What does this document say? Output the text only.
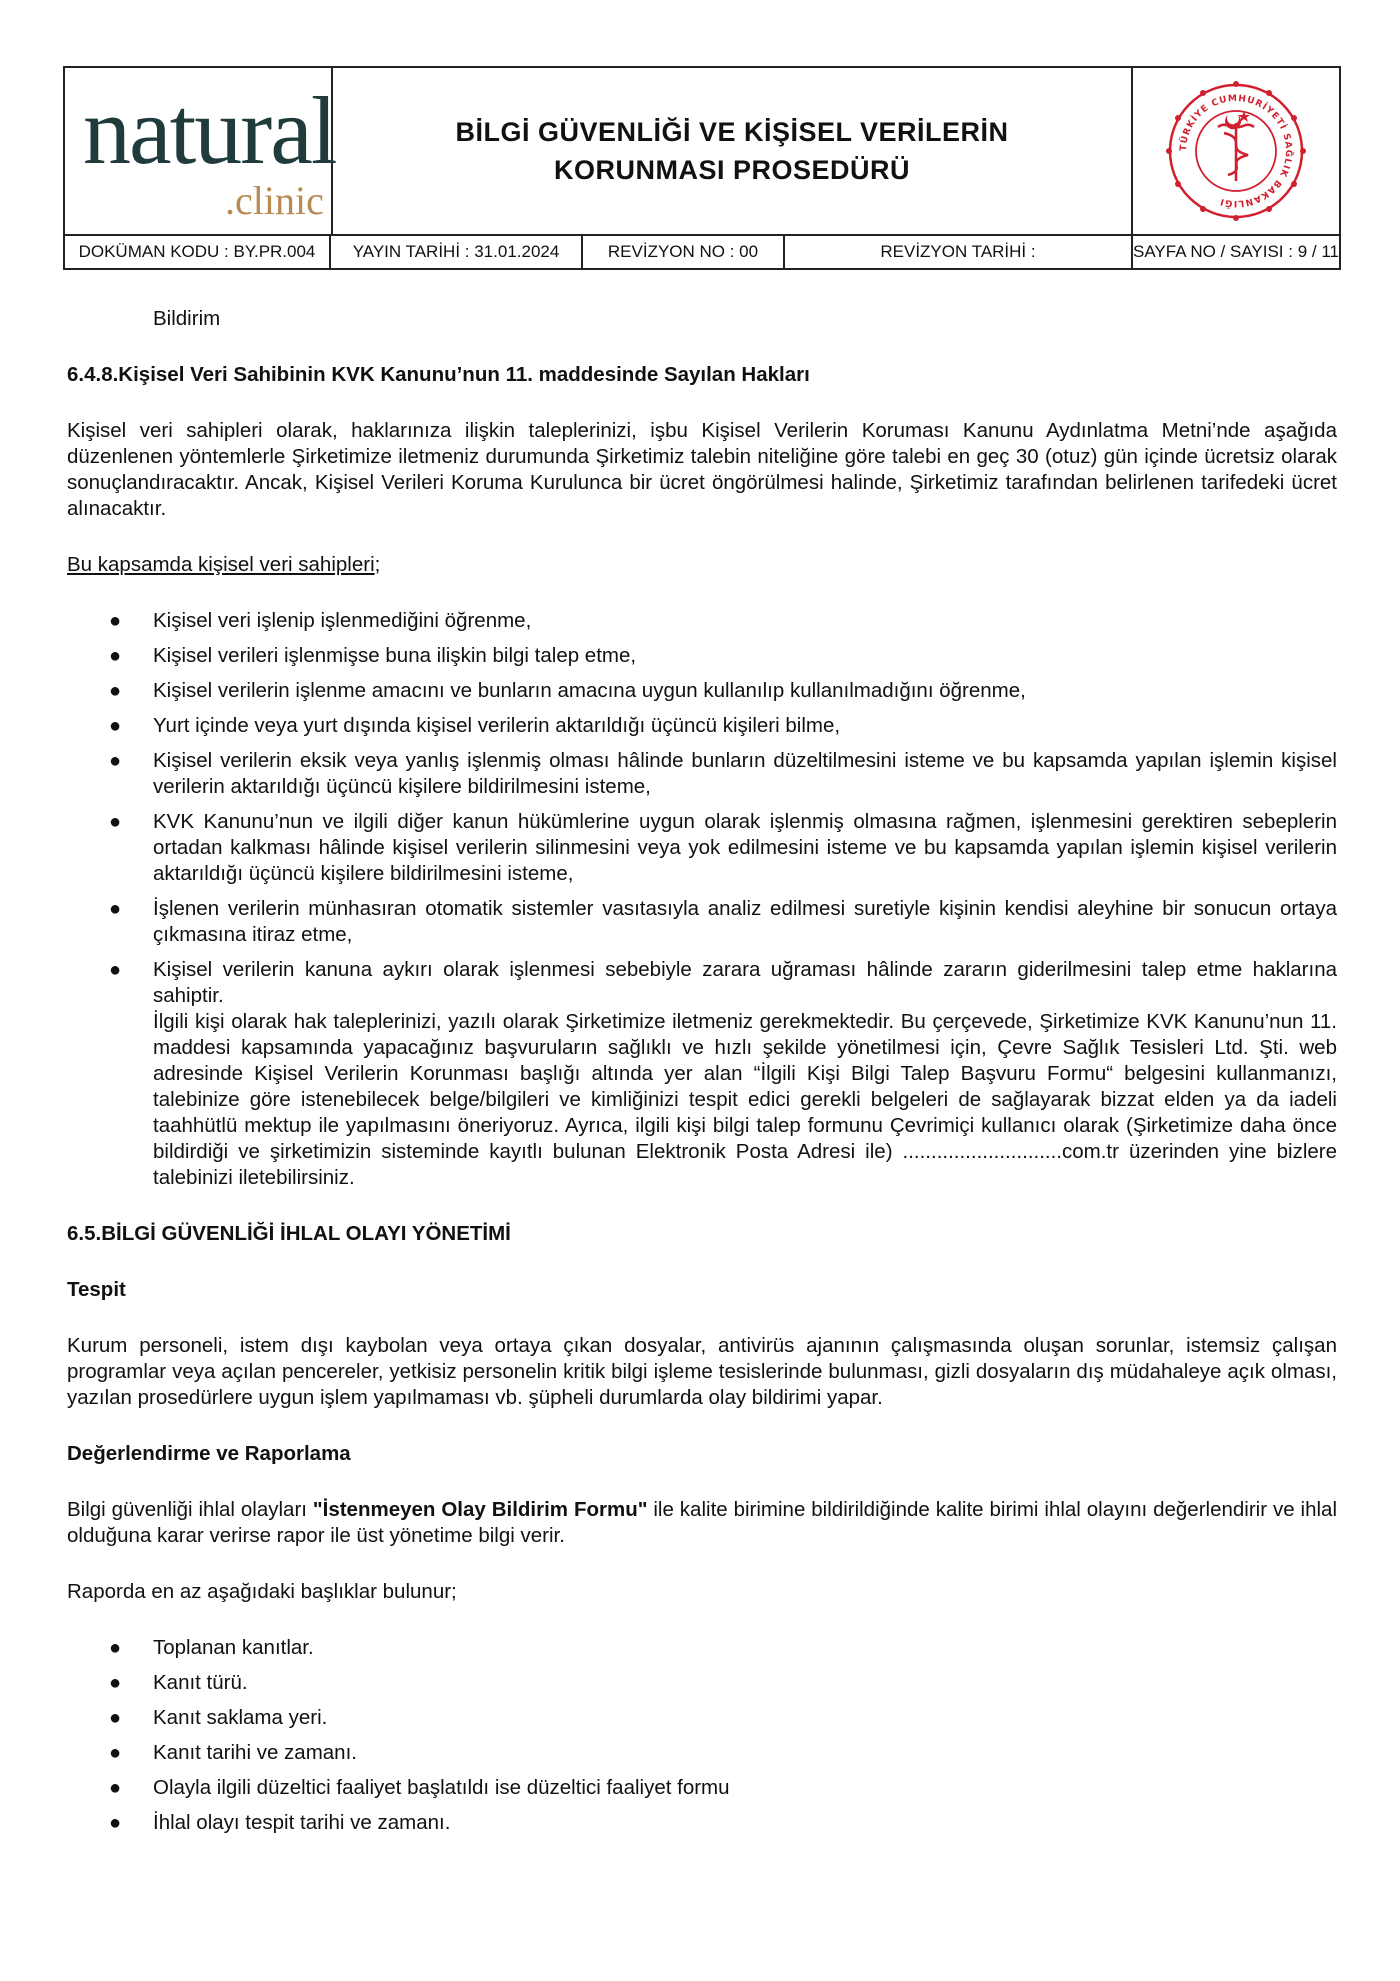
natural
.clinic
BİLGİ GÜVENLİĞİ VE KİŞİSEL VERİLERİN
KORUNMASI PROSEDÜRÜ
TÜRKİYE CUMHURİYETİ SAĞLIK BAKANLIĞI
DOKÜMAN KODU : BY.PR.004	YAYIN TARİHİ : 31.01.2024	REVİZYON NO : 00	REVİZYON TARİHİ :	SAYFA NO / SAYISI : 9 / 11

Bildirim

6.4.8.Kişisel Veri Sahibinin KVK Kanunu’nun 11. maddesinde Sayılan Hakları

Kişisel veri sahipleri olarak, haklarınıza ilişkin taleplerinizi, işbu Kişisel Verilerin Koruması Kanunu Aydınlatma Metni’nde aşağıda düzenlenen yöntemlerle Şirketimize iletmeniz durumunda Şirketimiz talebin niteliğine göre talebi en geç 30 (otuz) gün içinde ücretsiz olarak sonuçlandıracaktır. Ancak, Kişisel Verileri Koruma Kurulunca bir ücret öngörülmesi halinde, Şirketimiz tarafından belirlenen tarifedeki ücret alınacaktır.

Bu kapsamda kişisel veri sahipleri;

● Kişisel veri işlenip işlenmediğini öğrenme,
● Kişisel verileri işlenmişse buna ilişkin bilgi talep etme,
● Kişisel verilerin işlenme amacını ve bunların amacına uygun kullanılıp kullanılmadığını öğrenme,
● Yurt içinde veya yurt dışında kişisel verilerin aktarıldığı üçüncü kişileri bilme,
● Kişisel verilerin eksik veya yanlış işlenmiş olması hâlinde bunların düzeltilmesini isteme ve bu kapsamda yapılan işlemin kişisel verilerin aktarıldığı üçüncü kişilere bildirilmesini isteme,
● KVK Kanunu’nun ve ilgili diğer kanun hükümlerine uygun olarak işlenmiş olmasına rağmen, işlenmesini gerektiren sebeplerin ortadan kalkması hâlinde kişisel verilerin silinmesini veya yok edilmesini isteme ve bu kapsamda yapılan işlemin kişisel verilerin aktarıldığı üçüncü kişilere bildirilmesini isteme,
● İşlenen verilerin münhasıran otomatik sistemler vasıtasıyla analiz edilmesi suretiyle kişinin kendisi aleyhine bir sonucun ortaya çıkmasına itiraz etme,
● Kişisel verilerin kanuna aykırı olarak işlenmesi sebebiyle zarara uğraması hâlinde zararın giderilmesini talep etme haklarına sahiptir.

İlgili kişi olarak hak taleplerinizi, yazılı olarak Şirketimize iletmeniz gerekmektedir. Bu çerçevede, Şirketimize KVK Kanunu’nun 11. maddesi kapsamında yapacağınız başvuruların sağlıklı ve hızlı şekilde yönetilmesi için, Çevre Sağlık Tesisleri Ltd. Şti. web adresinde Kişisel Verilerin Korunması başlığı altında yer alan “İlgili Kişi Bilgi Talep Başvuru Formu“ belgesini kullanmanızı, talebinize göre istenebilecek belge/bilgileri ve kimliğinizi tespit edici gerekli belgeleri de sağlayarak bizzat elden ya da iadeli taahhütlü mektup ile yapılmasını öneriyoruz. Ayrıca, ilgili kişi bilgi talep formunu Çevrimiçi kullanıcı olarak (Şirketimize daha önce bildirdiği ve şirketimizin sisteminde kayıtlı bulunan Elektronik Posta Adresi ile) ............................com.tr üzerinden yine bizlere talebinizi iletebilirsiniz.

6.5.BİLGİ GÜVENLİĞİ İHLAL OLAYI YÖNETİMİ

Tespit

Kurum personeli, istem dışı kaybolan veya ortaya çıkan dosyalar, antivirüs ajanının çalışmasında oluşan sorunlar, istemsiz çalışan programlar veya açılan pencereler, yetkisiz personelin kritik bilgi işleme tesislerinde bulunması, gizli dosyaların dış müdahaleye açık olması, yazılan prosedürlere uygun işlem yapılmaması vb. şüpheli durumlarda olay bildirimi yapar.

Değerlendirme ve Raporlama

Bilgi güvenliği ihlal olayları "İstenmeyen Olay Bildirim Formu" ile kalite birimine bildirildiğinde kalite birimi ihlal olayını değerlendirir ve ihlal olduğuna karar verirse rapor ile üst yönetime bilgi verir.

Raporda en az aşağıdaki başlıklar bulunur;

● Toplanan kanıtlar.
● Kanıt türü.
● Kanıt saklama yeri.
● Kanıt tarihi ve zamanı.
● Olayla ilgili düzeltici faaliyet başlatıldı ise düzeltici faaliyet formu
● İhlal olayı tespit tarihi ve zamanı.
